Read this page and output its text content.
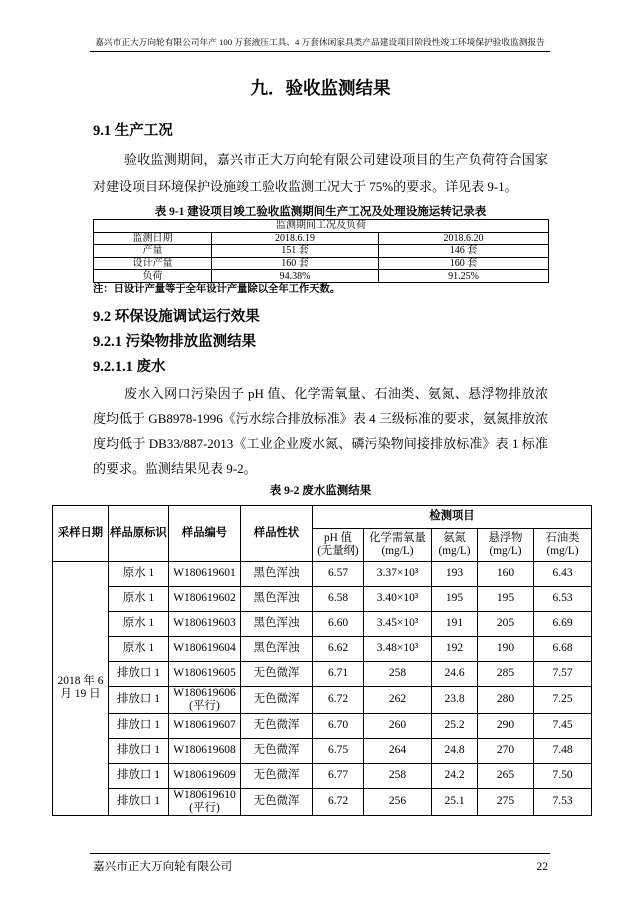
嘉兴市正大万向轮有限公司年产 100 万套液压工具、4 万套休闲家具类产品建设项目阶段性竣工环境保护验收监测报告
九．验收监测结果
9.1 生产工况

验收监测期间，嘉兴市正大万向轮有限公司建设项目的生产负荷符合国家对建设项目环境保护设施竣工验收监测工况大于 75%的要求。详见表 9-1。

表 9-1 建设项目竣工验收监测期间生产工况及处理设施运转记录表

监测期间工况及负荷		
监测日期	2018.6.19	2018.6.20
产量	151 套	146 套
设计产量	160 套	160 套
负荷	94.38%	91.25%

注：日设计产量等于全年设计产量除以全年工作天数。

9.2 环保设施调试运行效果
9.2.1 污染物排放监测结果
9.2.1.1 废水

废水入网口污染因子 pH 值、化学需氧量、石油类、氨氮、悬浮物排放浓度均低于 GB8978-1996《污水综合排放标准》表 4 三级标准的要求，氨氮排放浓度均低于 DB33/887-2013《工业企业废水氮、磷污染物间接排放标准》表 1 标准的要求。监测结果见表 9-2。

表 9-2 废水监测结果

采样日期	样品原标识	样品编号	样品性状	检测项目				
				pH 值
(无量纲)	化学需氧量
(mg/L)	氨氮
(mg/L)	悬浮物
(mg/L)	石油类
(mg/L)
2018 年 6 月 19 日	原水 1	W180619601	黑色浑浊	6.57	3.37×10³	193	160	6.43
	原水 1	W180619602	黑色浑浊	6.58	3.40×10³	195	195	6.53
	原水 1	W180619603	黑色浑浊	6.60	3.45×10³	191	205	6.69
	原水 1	W180619604	黑色浑浊	6.62	3.48×10³	192	190	6.68
	排放口 1	W180619605	无色微浑	6.71	258	24.6	285	7.57
	排放口 1	W180619606
(平行)	无色微浑	6.72	262	23.8	280	7.25
	排放口 1	W180619607	无色微浑	6.70	260	25.2	290	7.45
	排放口 1	W180619608	无色微浑	6.75	264	24.8	270	7.48
	排放口 1	W180619609	无色微浑	6.77	258	24.2	265	7.50
	排放口 1	W180619610
(平行)	无色微浑	6.72	256	25.1	275	7.53
嘉兴市正大万向轮有限公司	22
